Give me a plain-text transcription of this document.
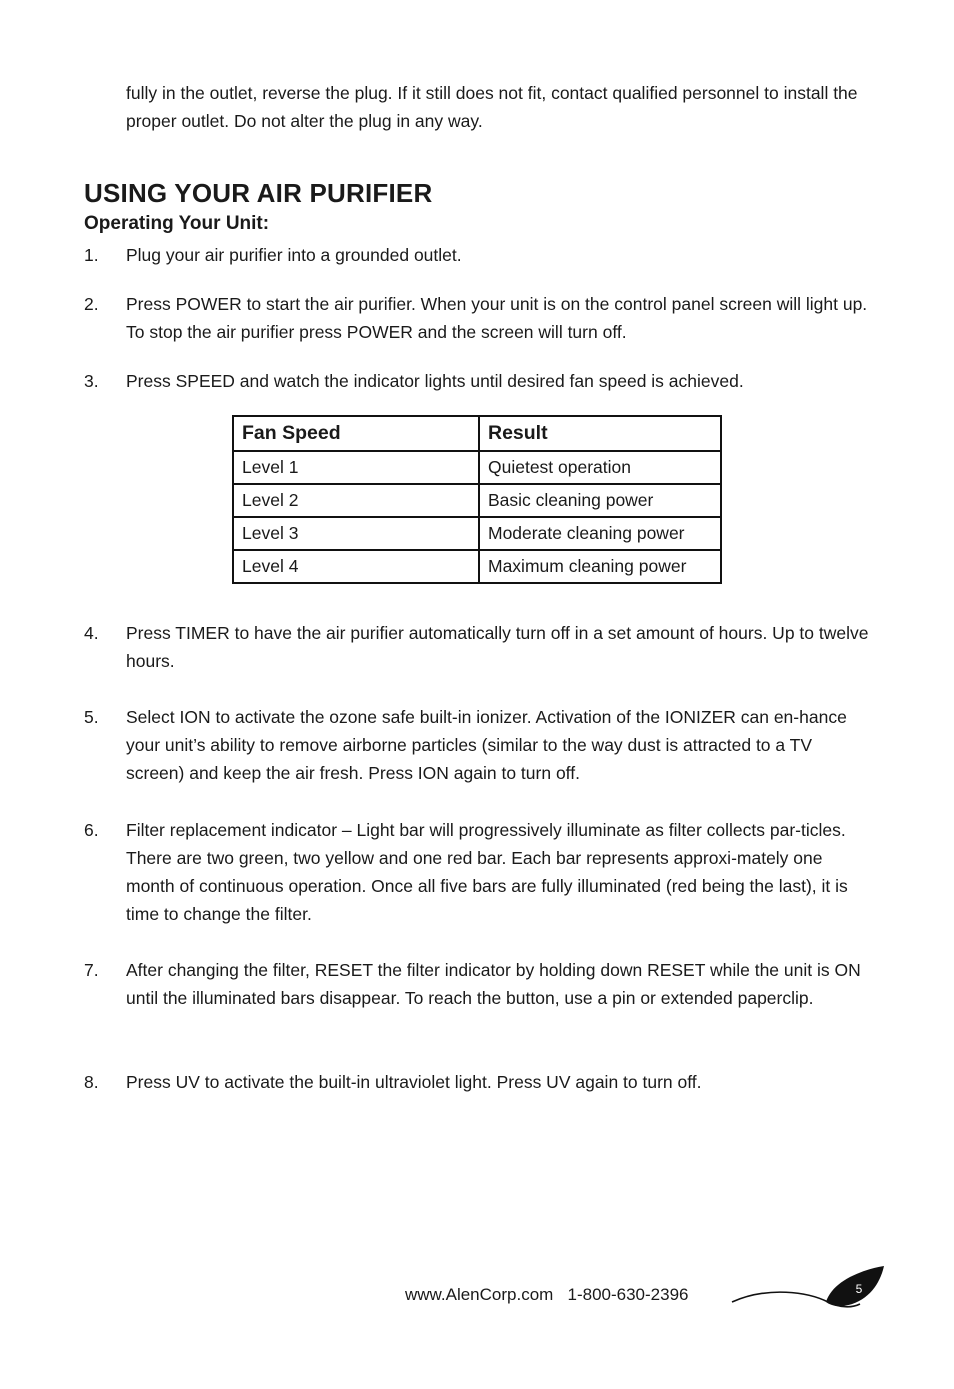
fully in the outlet, reverse the plug. If it still does not fit, contact qualified personnel to install the proper outlet. Do not alter the plug in any way.

USING YOUR AIR PURIFIER
Operating Your Unit:
1.	Plug your air purifier into a grounded outlet.
2.	Press POWER to start the air purifier. When your unit is on the control panel screen will light up. To stop the air purifier press POWER and the screen will turn off.
3.	Press SPEED and watch the indicator lights until desired fan speed is achieved.
Fan Speed	Result
Level 1	Quietest operation
Level 2	Basic cleaning power
Level 3	Moderate cleaning power
Level 4	Maximum cleaning power
4.	Press TIMER to have the air purifier automatically turn off in a set amount of hours. Up to twelve hours.
5.	Select ION to activate the ozone safe built-in ionizer. Activation of the IONIZER can en-hance your unit’s ability to remove airborne particles (similar to the way dust is attracted to a TV screen) and keep the air fresh. Press ION again to turn off.
6.	Filter replacement indicator – Light bar will progressively illuminate as filter collects par-ticles. There are two green, two yellow and one red bar. Each bar represents approxi-mately one month of continuous operation. Once all five bars are fully illuminated (red being the last), it is time to change the filter.
7.	After changing the filter, RESET the filter indicator by holding down RESET while the unit is ON until the illuminated bars disappear. To reach the button, use a pin or extended paperclip.
8.	Press UV to activate the built-in ultraviolet light. Press UV again to turn off.
www.AlenCorp.com 1-800-630-2396	5
